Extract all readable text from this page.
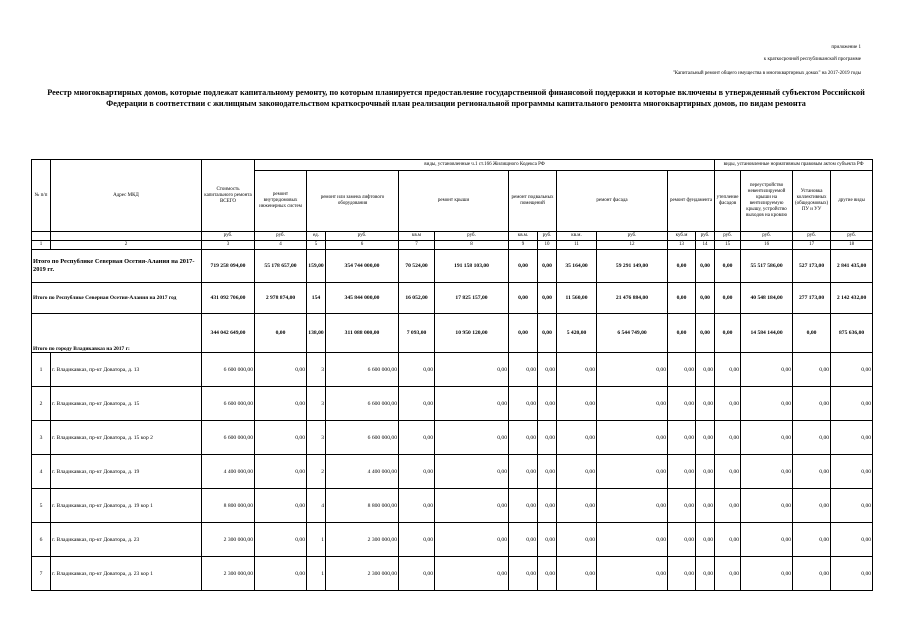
приложение 1
к краткосрочной республиканской программе
"Капитальный ремонт общего имущества в многоквартирных домах" на 2017-2019 годы
Реестр многоквартирных домов, которые подлежат капитальному ремонту, по которым планируется предоставление государственной финансовой поддержки и которые включены в утвержденный субъектом Российской Федерации в соответствии с жилищным законодательством краткосрочный план реализации региональной программы капитального ремонта многоквартирных домов, по видам ремонта
№ п/п	Адрес МКД	Стоимость капитального ремонта ВСЕГО	виды, установленные ч.1 ст.166 Жилищного Кодекса РФ											виды, установленные нормативным правовым актом субъекта РФ			
			ремонт внутридомовых инженерных систем	ремонт или замена лифтового оборудования		ремонт крыши		ремонт подвальных помещений		ремонт фасада		ремонт фундамента		утепление фасадов	переустройство невентилируемой крыши на вентилируемую крышу, устройство выходов на кровлю	Установка коллективных (общедомовых) ПУ и УУ	другие виды
		руб.	руб.	ед.	руб.	кв.м	руб.	кв.м.	руб.	кв.м.	руб.	куб.м	руб.	руб.	руб.	руб.	руб.
1	2	3	4	5	6	7	8	9	10	11	12	13	14	15	16	17	18
Итого по Республике Северная Осетия-Алания на 2017-2019 гг.		719 258 094,00	55 178 657,00	159,00	354 744 000,00	70 524,00	191 158 103,00	0,00	0,00	35 164,00	59 291 149,00	0,00	0,00	0,00	55 517 586,00	527 173,00	2 841 435,00
Итого по Республике Северная Осетия-Алания на 2017 год		431 092 706,00	2 978 874,00	154	345 844 000,00	16 052,00	17 825 157,00	0,00	0,00	11 560,00	21 476 884,00	0,00	0,00	0,00	40 548 184,00	277 173,00	2 142 432,00
Итого по городу Владикавказ на 2017 г:		344 042 649,00	0,00	138,00	311 088 000,00	7 093,00	10 950 120,00	0,00	0,00	5 420,00	6 544 749,00	0,00	0,00	0,00	14 584 144,00	0,00	875 636,00
1	г. Владикавказ, пр-кт Доватора, д. 13	6 600 000,00	0,00	3	6 600 000,00	0,00	0,00	0,00	0,00	0,00	0,00	0,00	0,00	0,00	0,00	0,00	0,00
2	г. Владикавказ, пр-кт Доватора, д. 15	6 600 000,00	0,00	3	6 600 000,00	0,00	0,00	0,00	0,00	0,00	0,00	0,00	0,00	0,00	0,00	0,00	0,00
3	г. Владикавказ, пр-кт Доватора, д. 15 кор 2	6 600 000,00	0,00	3	6 600 000,00	0,00	0,00	0,00	0,00	0,00	0,00	0,00	0,00	0,00	0,00	0,00	0,00
4	г. Владикавказ, пр-кт Доватора, д. 19	4 400 000,00	0,00	2	4 400 000,00	0,00	0,00	0,00	0,00	0,00	0,00	0,00	0,00	0,00	0,00	0,00	0,00
5	г. Владикавказ, пр-кт Доватора, д. 19 кор 1	8 800 000,00	0,00	4	8 800 000,00	0,00	0,00	0,00	0,00	0,00	0,00	0,00	0,00	0,00	0,00	0,00	0,00
6	г. Владикавказ, пр-кт Доватора, д. 23	2 300 000,00	0,00	1	2 300 000,00	0,00	0,00	0,00	0,00	0,00	0,00	0,00	0,00	0,00	0,00	0,00	0,00
7	г. Владикавказ, пр-кт Доватора, д. 23 кор 1	2 300 000,00	0,00	1	2 300 000,00	0,00	0,00	0,00	0,00	0,00	0,00	0,00	0,00	0,00	0,00	0,00	0,00
